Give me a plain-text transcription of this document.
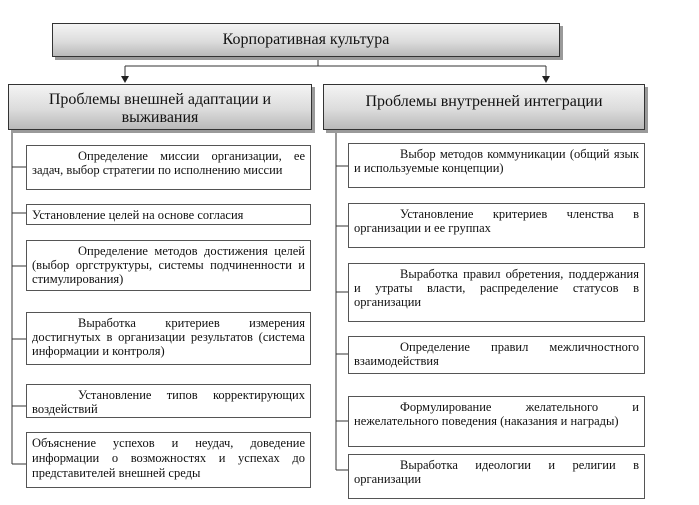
Корпоративная культура
Проблемы внешней адаптации и выживания
Проблемы внутренней интеграции
Определение миссии организации, ее задач, выбор стратегии по исполнению миссии
Установление целей на основе согласия
Определение методов достижения целей (выбор оргструктуры, системы подчиненности и стимулирования)
Выработка критериев измерения достигнутых в организации результатов (система информации и контроля)
Установление типов корректирующих воздействий
Объяснение успехов и неудач, доведение информации о возможностях и успехах до представителей внешней среды
Выбор методов коммуникации (общий язык и используемые концепции)
Установление критериев членства в организации и ее группах
Выработка правил обретения, поддержания и утраты власти, распределение статусов в организации
Определение правил межличностного взаимодействия
Формулирование желательного и нежелательного поведения (наказания и награды)
Выработка идеологии и религии в организации
